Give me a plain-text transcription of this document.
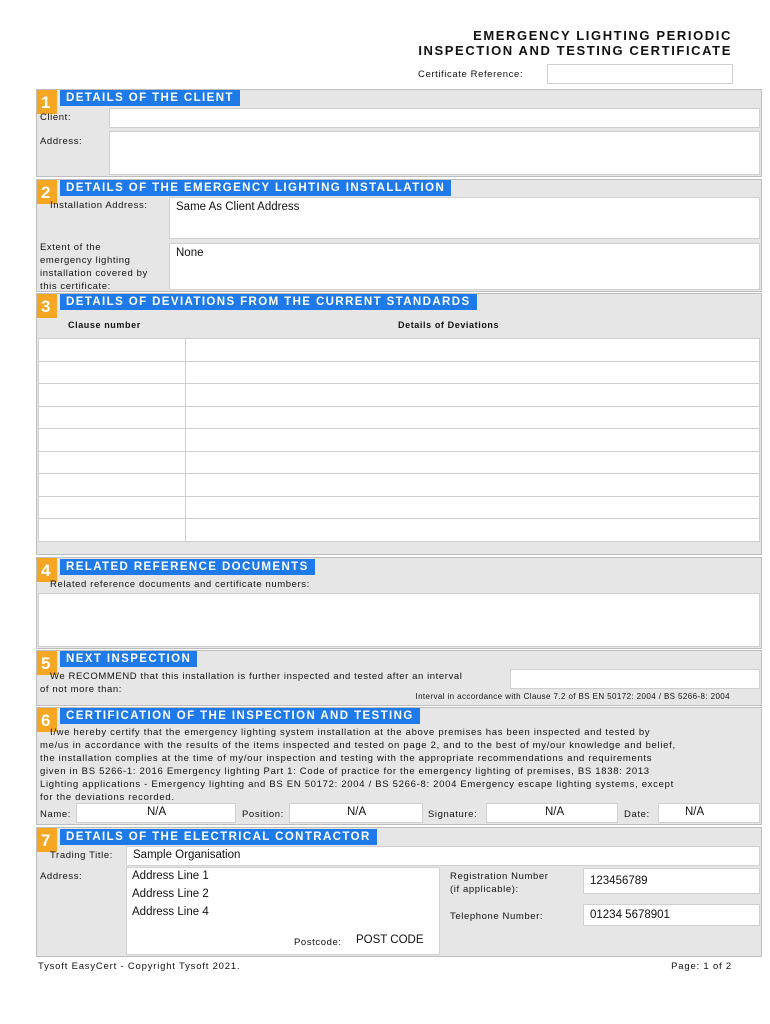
EMERGENCY LIGHTING PERIODIC
INSPECTION AND TESTING CERTIFICATE
Certificate Reference:
1	DETAILS OF THE CLIENT
Client:
Address:
2	DETAILS OF THE EMERGENCY LIGHTING INSTALLATION
Installation Address: Same As Client Address
Extent of the emergency lighting installation covered by this certificate:
None
3	DETAILS OF DEVIATIONS FROM THE CURRENT STANDARDS
Clause number	Details of Deviations

4	RELATED REFERENCE DOCUMENTS
Related reference documents and certificate numbers:
5	NEXT INSPECTION
We RECOMMEND that this installation is further inspected and tested after an interval
of not more than:
Interval in accordance with Clause 7.2 of BS EN 50172: 2004 / BS 5266-8: 2004
6	CERTIFICATION OF THE INSPECTION AND TESTING
I/we hereby certify that the emergency lighting system installation at the above premises has been inspected and tested by
me/us in accordance with the results of the items inspected and tested on page 2, and to the best of my/our knowledge and belief,
the installation complies at the time of my/our inspection and testing with the appropriate recommendations and requirements
given in BS 5266-1: 2016 Emergency lighting Part 1: Code of practice for the emergency lighting of premises, BS 1838: 2013
Lighting applications - Emergency lighting and BS EN 50172: 2004 / BS 5266-8: 2004 Emergency escape lighting systems, except
for the deviations recorded.
Name:	N/A	Position:	N/A	Signature:	N/A	Date:	N/A
7	DETAILS OF THE ELECTRICAL CONTRACTOR
Trading Title: Sample Organisation
Address:	Address Line 1
Address Line 2
Address Line 4
Postcode: POST CODE
Registration Number
(if applicable):
123456789
Telephone Number:	01234 5678901
Tysoft EasyCert - Copyright Tysoft 2021.	Page: 1 of 2
